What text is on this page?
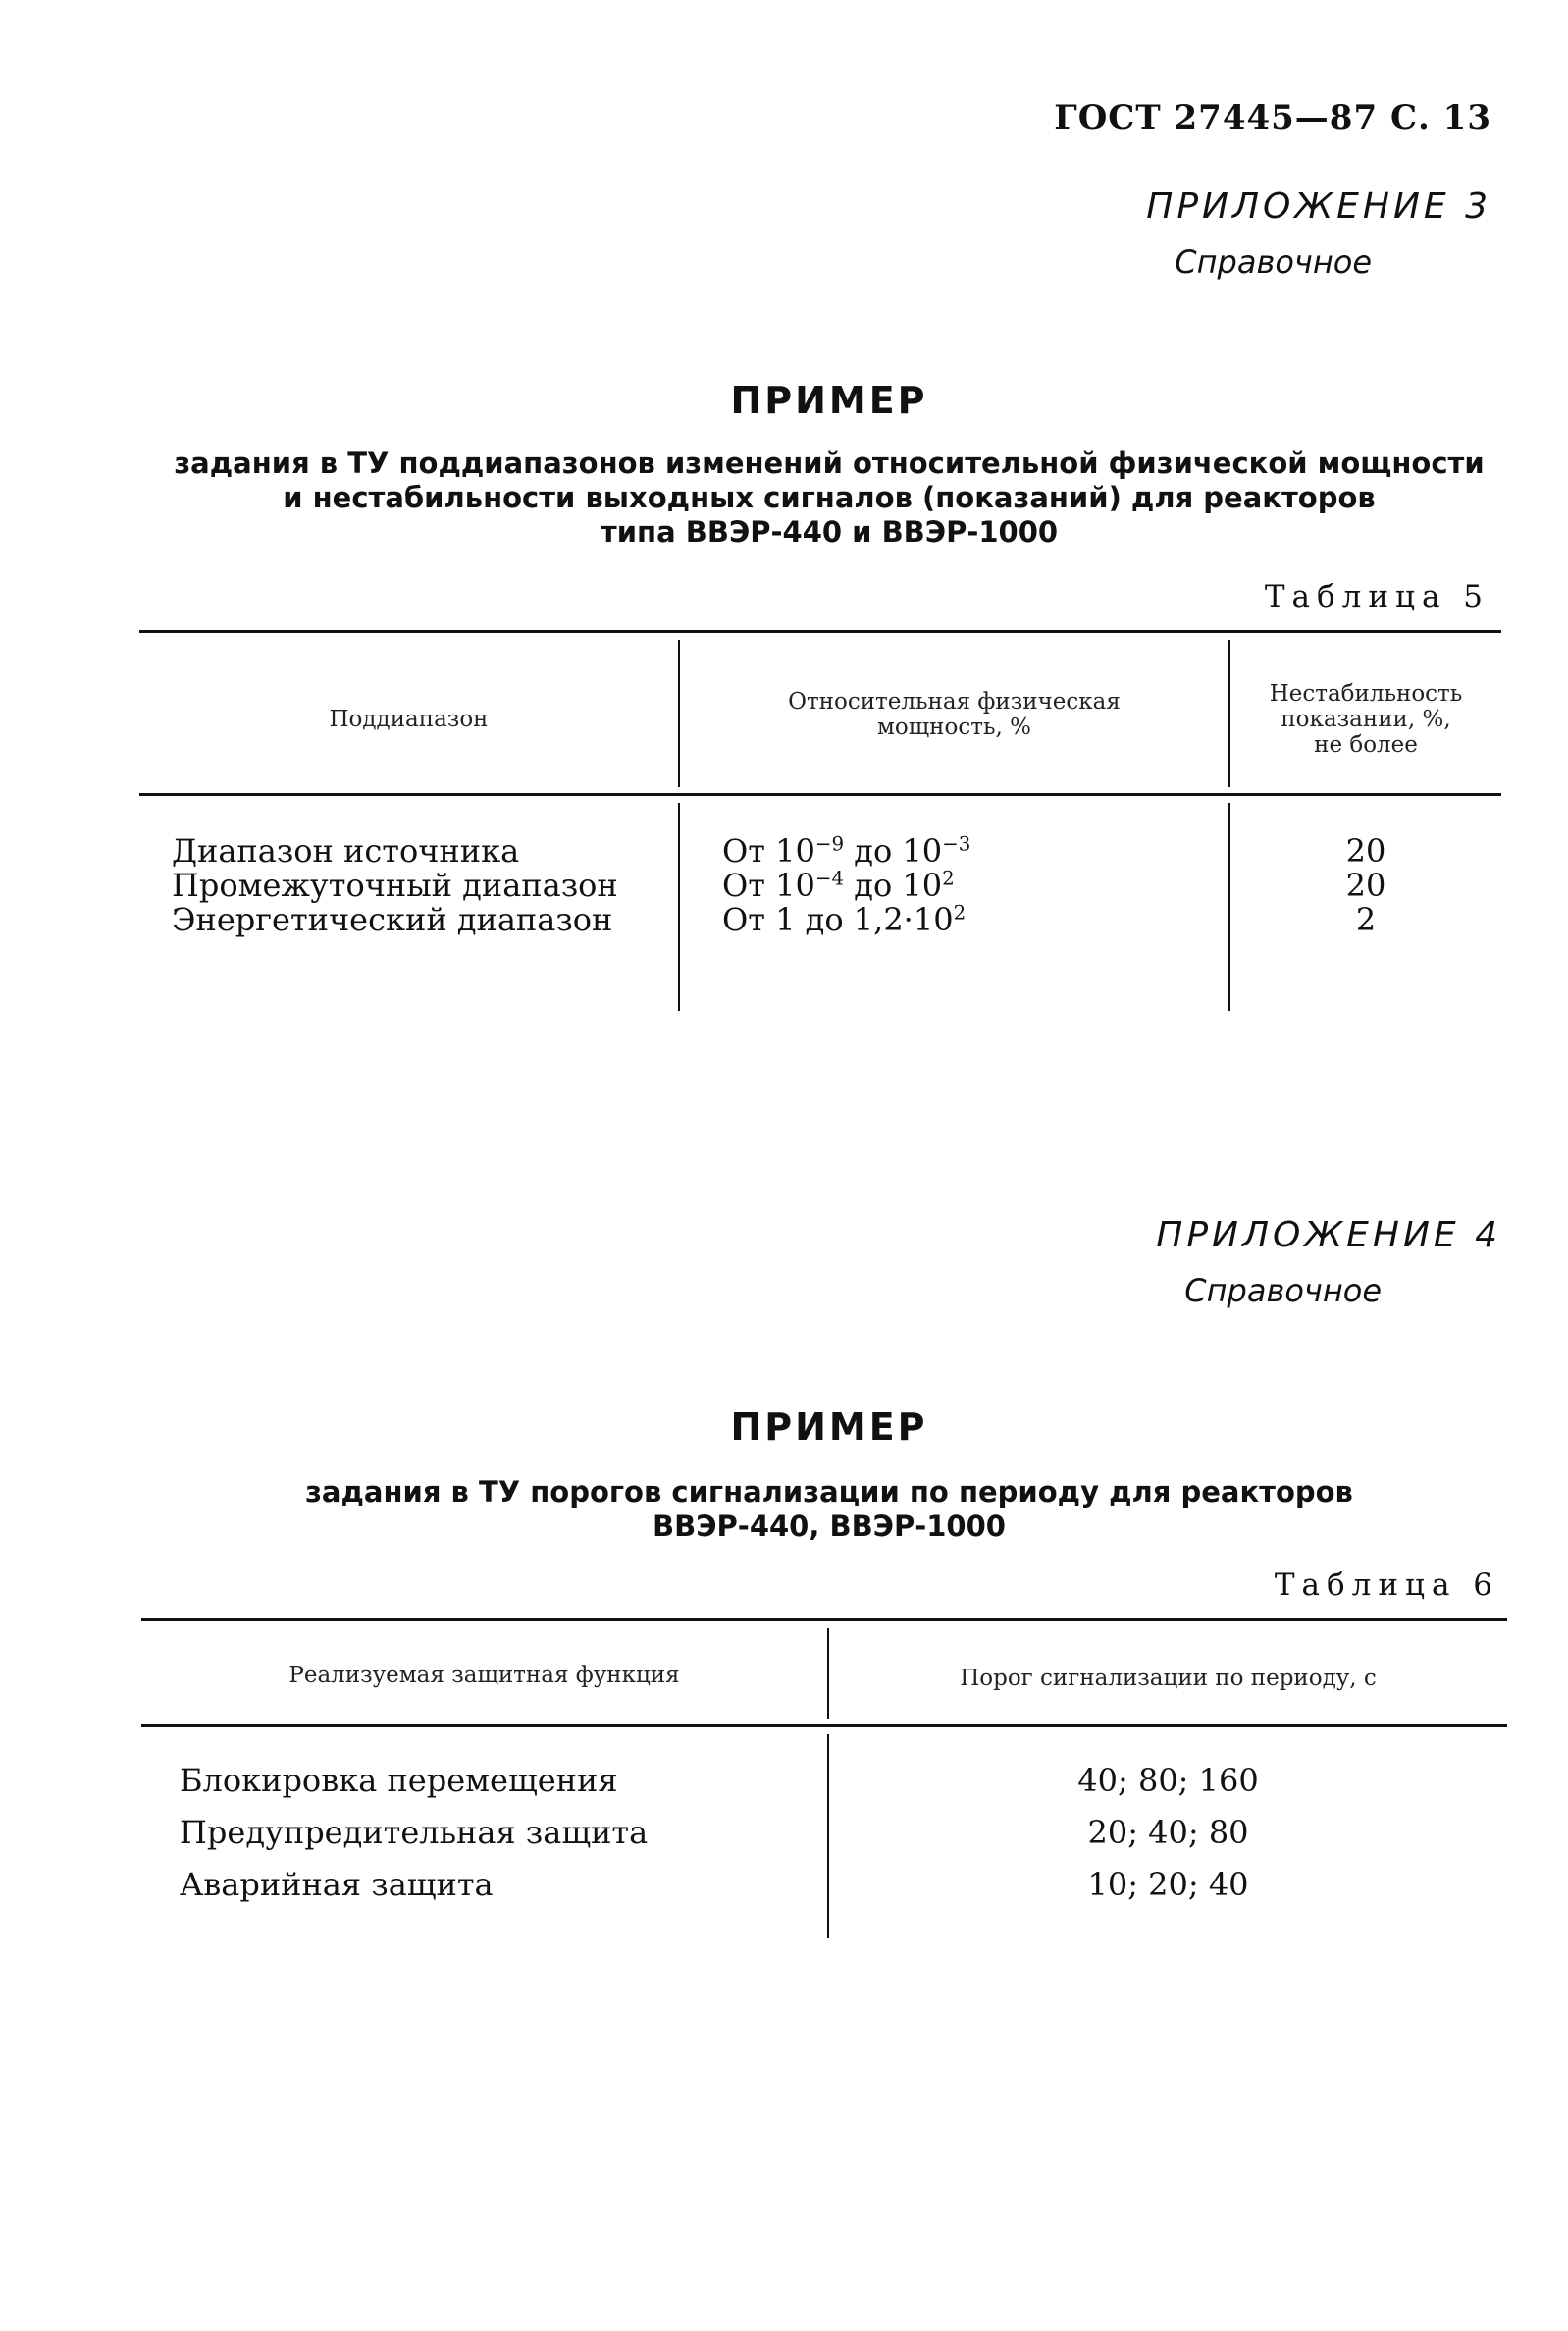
ГОСТ 27445—87 С. 13
ПРИЛОЖЕНИЕ 3
Справочное
ПРИМЕР
задания в ТУ поддиапазонов изменений относительной физической мощности
и нестабильности выходных сигналов (показаний) для реакторов
типа ВВЭР-440 и ВВЭР-1000
Таблица 5
Поддиапазон
Относительная физическая
мощность, %
Нестабильность
показании, %,
не более
Диапазон источника
Промежуточный диапазон
Энергетический диапазон
От $10^{-9}$ до $10^{-3}$
От $10^{-4}$ до $10^2$
От 1 до $1,2\cdot 10^2$
20
20
2
ПРИЛОЖЕНИЕ 4
Справочное
ПРИМЕР
задания в ТУ порогов сигнализации по периоду для реакторов
ВВЭР-440, ВВЭР-1000
Таблица 6
Реализуемая защитная функция	Порог сигнализации по периоду, с
Блокировка перемещения
Предупредительная защита
Аварийная защита
40; 80; 160
20; 40; 80
10; 20; 40
